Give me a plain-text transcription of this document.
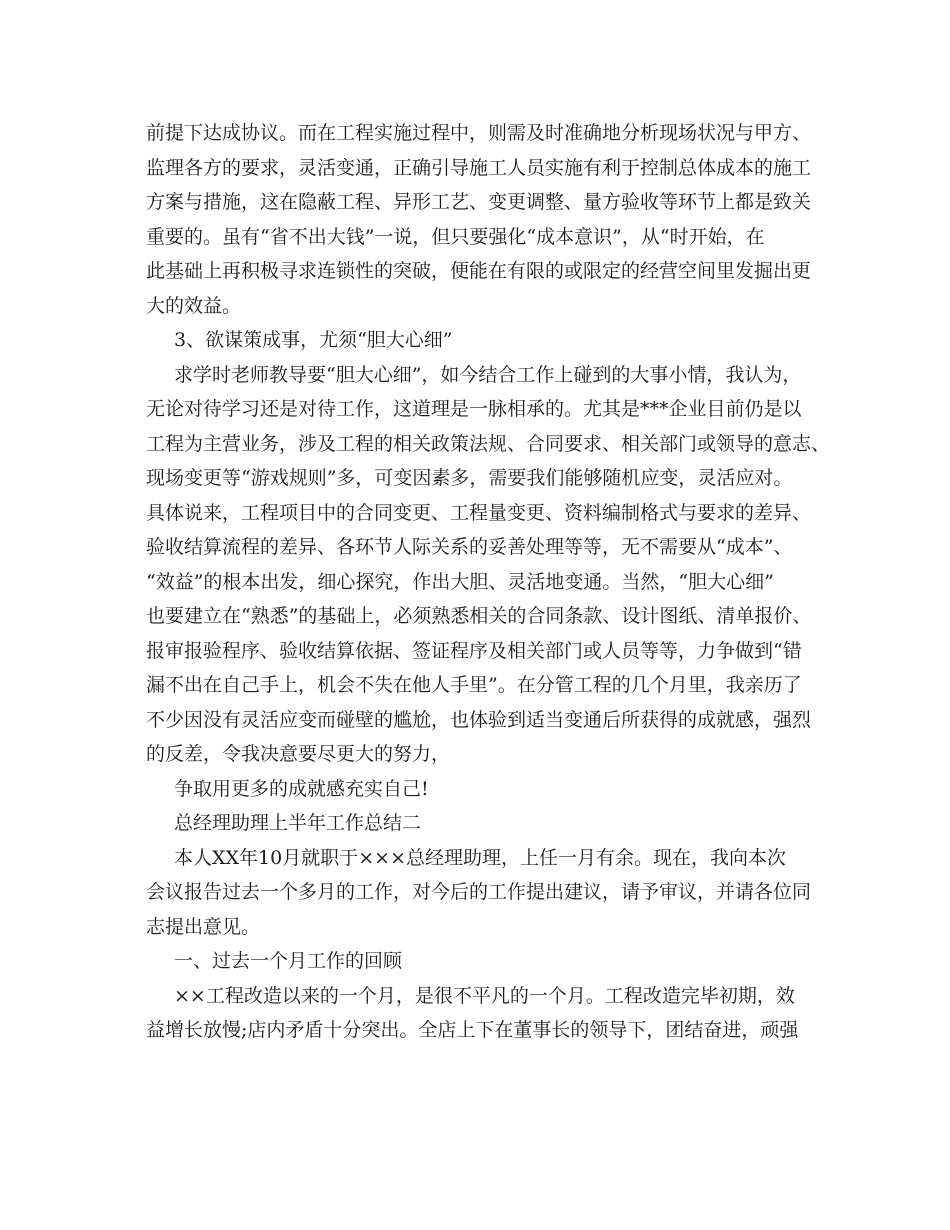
前提下达成协议。而在工程实施过程中，则需及时准确地分析现场状况与甲方、
监理各方的要求，灵活变通，正确引导施工人员实施有利于控制总体成本的施工
方案与措施，这在隐蔽工程、异形工艺、变更调整、量方验收等环节上都是致关
重要的。虽有“省不出大钱”一说，但只要强化“成本意识”，从“时开始，在
此基础上再积极寻求连锁性的突破，便能在有限的或限定的经营空间里发掘出更
大的效益。
3、欲谋策成事，尤须“胆大心细”
求学时老师教导要“胆大心细”，如今结合工作上碰到的大事小情，我认为，
无论对待学习还是对待工作，这道理是一脉相承的。尤其是***企业目前仍是以
工程为主营业务，涉及工程的相关政策法规、合同要求、相关部门或领导的意志、
现场变更等“游戏规则”多，可变因素多，需要我们能够随机应变，灵活应对。
具体说来，工程项目中的合同变更、工程量变更、资料编制格式与要求的差异、
验收结算流程的差异、各环节人际关系的妥善处理等等，无不需要从“成本”、
“效益”的根本出发，细心探究，作出大胆、灵活地变通。当然，“胆大心细”
也要建立在“熟悉”的基础上，必须熟悉相关的合同条款、设计图纸、清单报价、
报审报验程序、验收结算依据、签证程序及相关部门或人员等等，力争做到“错
漏不出在自己手上，机会不失在他人手里”。在分管工程的几个月里，我亲历了
不少因没有灵活应变而碰壁的尴尬，也体验到适当变通后所获得的成就感，强烈
的反差，令我决意要尽更大的努力，
争取用更多的成就感充实自己!
总经理助理上半年工作总结二
本人XX年10月就职于×××总经理助理，上任一月有余。现在，我向本次
会议报告过去一个多月的工作，对今后的工作提出建议，请予审议，并请各位同
志提出意见。
一、过去一个月工作的回顾
××工程改造以来的一个月，是很不平凡的一个月。工程改造完毕初期，效
益增长放慢;店内矛盾十分突出。全店上下在董事长的领导下，团结奋进，顽强
